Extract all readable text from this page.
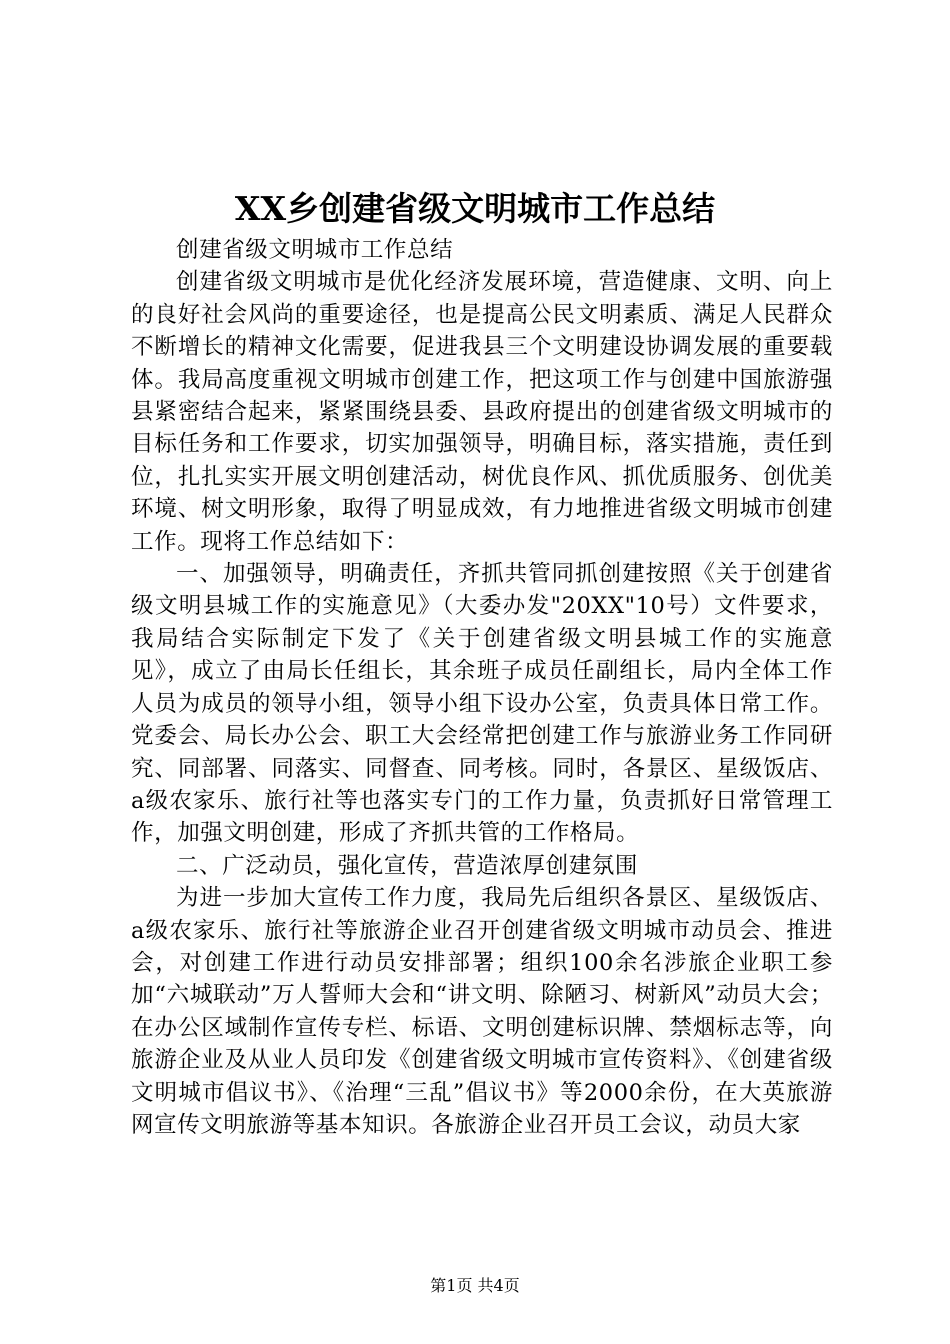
XX乡创建省级文明城市工作总结

创建省级文明城市工作总结

创建省级文明城市是优化经济发展环境，营造健康、文明、向上的良好社会风尚的重要途径，也是提高公民文明素质、满足人民群众不断增长的精神文化需要，促进我县三个文明建设协调发展的重要载体。我局高度重视文明城市创建工作，把这项工作与创建中国旅游强县紧密结合起来，紧紧围绕县委、县政府提出的创建省级文明城市的目标任务和工作要求，切实加强领导，明确目标，落实措施，责任到位，扎扎实实开展文明创建活动，树优良作风、抓优质服务、创优美环境、树文明形象，取得了明显成效，有力地推进省级文明城市创建工作。现将工作总结如下：

一、加强领导，明确责任，齐抓共管同抓创建按照《关于创建省级文明县城工作的实施意见》（大委办发"20XX"10号）文件要求，我局结合实际制定下发了《关于创建省级文明县城工作的实施意见》，成立了由局长任组长，其余班子成员任副组长，局内全体工作人员为成员的领导小组，领导小组下设办公室，负责具体日常工作。党委会、局长办公会、职工大会经常把创建工作与旅游业务工作同研究、同部署、同落实、同督查、同考核。同时，各景区、星级饭店、a级农家乐、旅行社等也落实专门的工作力量，负责抓好日常管理工作，加强文明创建，形成了齐抓共管的工作格局。

二、广泛动员，强化宣传，营造浓厚创建氛围

为进一步加大宣传工作力度，我局先后组织各景区、星级饭店、a级农家乐、旅行社等旅游企业召开创建省级文明城市动员会、推进会，对创建工作进行动员安排部署；组织100余名涉旅企业职工参加“六城联动”万人誓师大会和“讲文明、除陋习、树新风”动员大会；在办公区域制作宣传专栏、标语、文明创建标识牌、禁烟标志等，向旅游企业及从业人员印发《创建省级文明城市宣传资料》、《创建省级文明城市倡议书》、《治理“三乱”倡议书》等2000余份，在大英旅游网宣传文明旅游等基本知识。各旅游企业召开员工会议，动员大家

第1页 共4页
